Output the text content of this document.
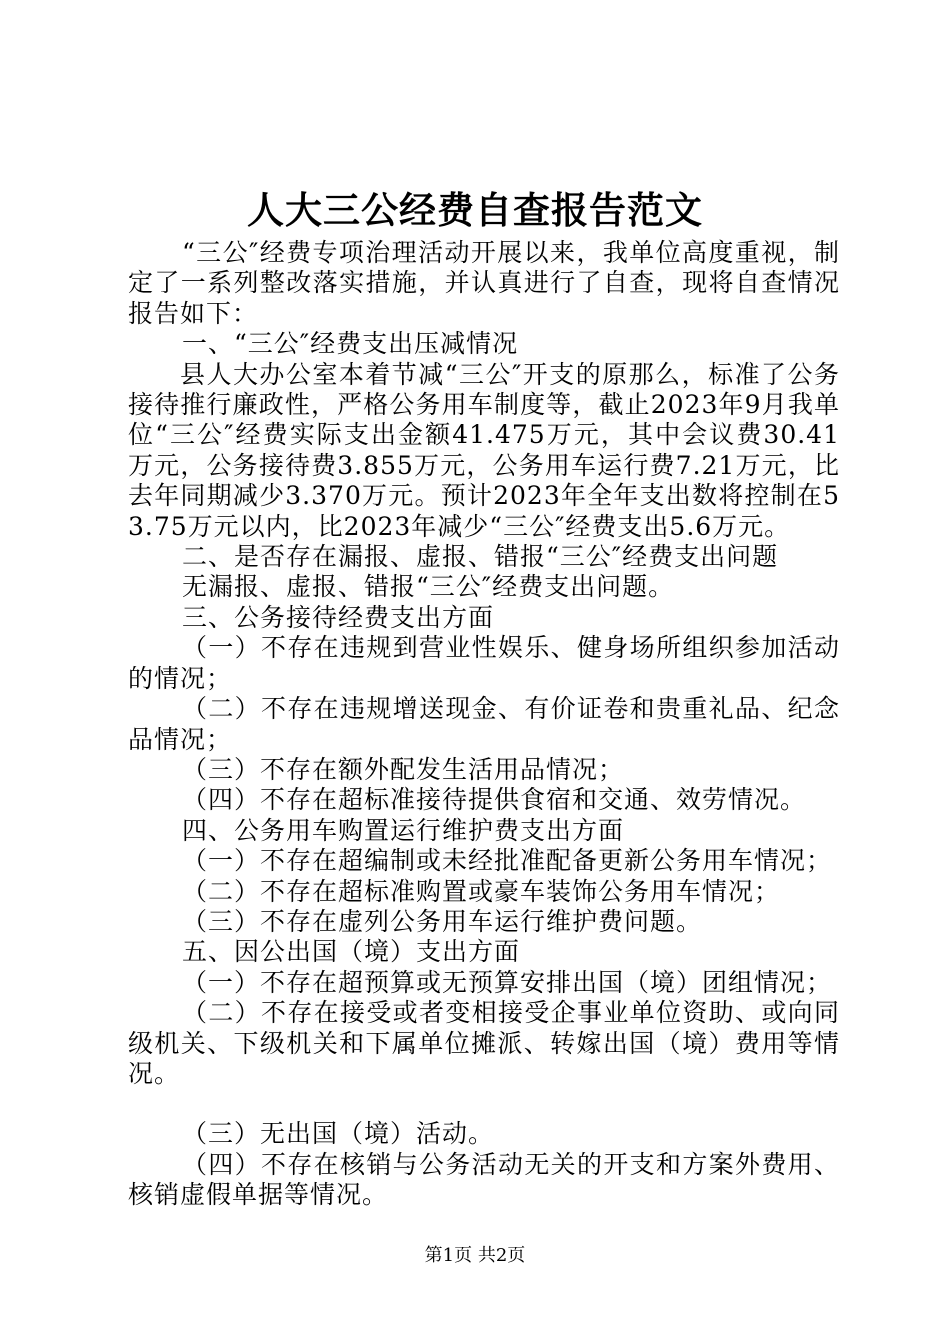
人大三公经费自查报告范文

“三公″经费专项治理活动开展以来，我单位高度重视，制定了一系列整改落实措施，并认真进行了自查，现将自查情况报告如下：

一、“三公″经费支出压减情况

县人大办公室本着节减“三公″开支的原那么，标准了公务接待推行廉政性，严格公务用车制度等，截止2023年9月我单位“三公″经费实际支出金额41.475万元，其中会议费30.41万元，公务接待费3.855万元，公务用车运行费7.21万元，比去年同期减少3.370万元。预计2023年全年支出数将控制在53.75万元以内，比2023年减少“三公″经费支出5.6万元。

二、是否存在漏报、虚报、错报“三公″经费支出问题

无漏报、虚报、错报“三公″经费支出问题。

三、公务接待经费支出方面

（一）不存在违规到营业性娱乐、健身场所组织参加活动的情况；

（二）不存在违规增送现金、有价证卷和贵重礼品、纪念品情况；

（三）不存在额外配发生活用品情况；

（四）不存在超标准接待提供食宿和交通、效劳情况。

四、公务用车购置运行维护费支出方面

（一）不存在超编制或未经批准配备更新公务用车情况；

（二）不存在超标准购置或豪车装饰公务用车情况；

（三）不存在虚列公务用车运行维护费问题。

五、因公出国（境）支出方面

（一）不存在超预算或无预算安排出国（境）团组情况；

（二）不存在接受或者变相接受企事业单位资助、或向同级机关、下级机关和下属单位摊派、转嫁出国（境）费用等情况。

（三）无出国（境）活动。

（四）不存在核销与公务活动无关的开支和方案外费用、核销虚假单据等情况。

第1页 共2页
